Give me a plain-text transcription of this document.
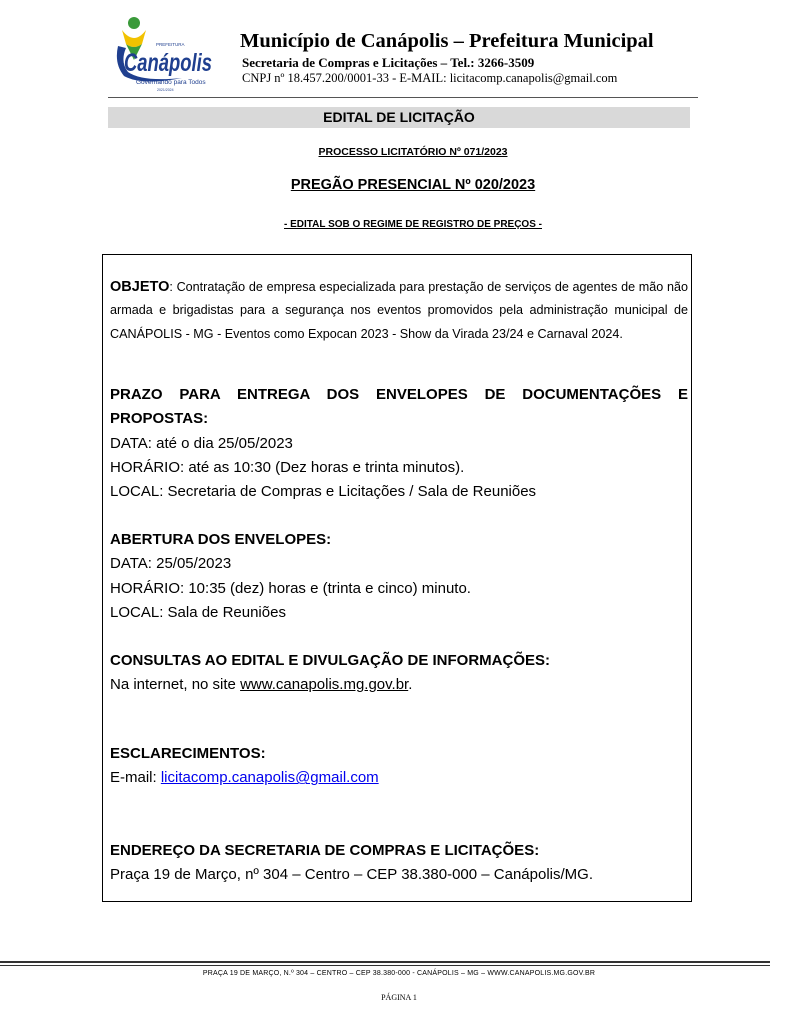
PREFEITURA
Canápolis
Governando para Todos
2021/2024
Município de Canápolis – Prefeitura Municipal
Secretaria de Compras e Licitações – Tel.: 3266-3509
CNPJ nº 18.457.200/0001-33 - E-MAIL: licitacomp.canapolis@gmail.com
EDITAL DE LICITAÇÃO
PROCESSO LICITATÓRIO Nº 071/2023
PREGÃO PRESENCIAL Nº 020/2023
- EDITAL SOB O REGIME DE REGISTRO DE PREÇOS -
OBJETO: Contratação de empresa especializada para prestação de serviços de agentes de mão não armada e brigadistas para a segurança nos eventos promovidos pela administração municipal de CANÁPOLIS - MG - Eventos como Expocan 2023 - Show da Virada 23/24 e Carnaval 2024.
PRAZO PARA ENTREGA DOS ENVELOPES DE DOCUMENTAÇÕES E
PROPOSTAS:
DATA: até o dia 25/05/2023
HORÁRIO: até as 10:30 (Dez horas e trinta minutos).
LOCAL: Secretaria de Compras e Licitações / Sala de Reuniões
ABERTURA DOS ENVELOPES:
DATA: 25/05/2023
HORÁRIO: 10:35 (dez) horas e (trinta e cinco) minuto.
LOCAL: Sala de Reuniões
CONSULTAS AO EDITAL E DIVULGAÇÃO DE INFORMAÇÕES:
Na internet, no site www.canapolis.mg.gov.br.
ESCLARECIMENTOS:
E-mail: licitacomp.canapolis@gmail.com
ENDEREÇO DA SECRETARIA DE COMPRAS E LICITAÇÕES:
Praça 19 de Março, nº 304 – Centro – CEP 38.380-000 – Canápolis/MG.
PRAÇA 19 DE MARÇO, N.º 304 – CENTRO – CEP 38.380-000 - CANÁPOLIS – MG – WWW.CANAPOLIS.MG.GOV.BR
PÁGINA 1
